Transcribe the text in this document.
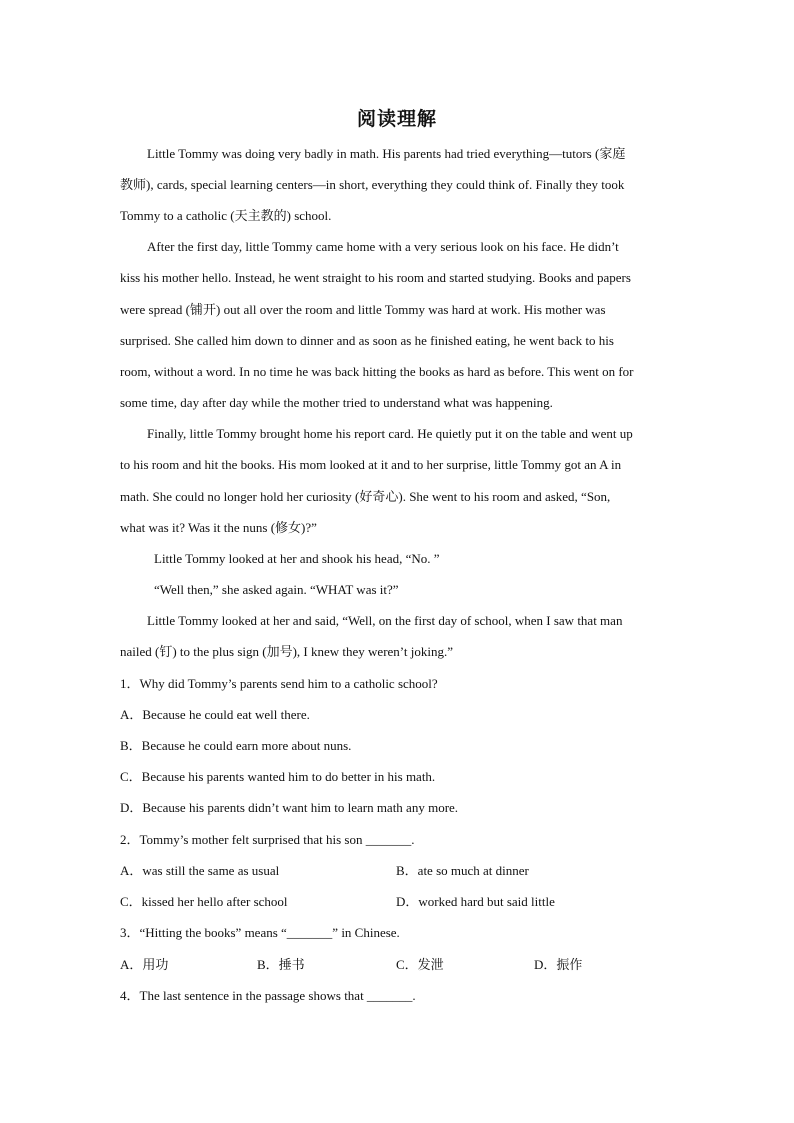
阅读理解
Little Tommy was doing very badly in math. His parents had tried everything—tutors (家庭
教师), cards, special learning centers—in short, everything they could think of. Finally they took
Tommy to a catholic (天主教的) school.
After the first day, little Tommy came home with a very serious look on his face. He didn’t
kiss his mother hello. Instead, he went straight to his room and started studying. Books and papers
were spread (铺开) out all over the room and little Tommy was hard at work. His mother was
surprised. She called him down to dinner and as soon as he finished eating, he went back to his
room, without a word. In no time he was back hitting the books as hard as before. This went on for
some time, day after day while the mother tried to understand what was happening.
Finally, little Tommy brought home his report card. He quietly put it on the table and went up
to his room and hit the books. His mom looked at it and to her surprise, little Tommy got an A in
math. She could no longer hold her curiosity (好奇心). She went to his room and asked, “Son,
what was it? Was it the nuns (修女)?”
Little Tommy looked at her and shook his head, “No. ”
“Well then,” she asked again. “WHAT was it?”
Little Tommy looked at her and said, “Well, on the first day of school, when I saw that man
nailed (钉) to the plus sign (加号), I knew they weren’t joking.”
1．Why did Tommy’s parents send him to a catholic school?
A．Because he could eat well there.
B．Because he could earn more about nuns.
C．Because his parents wanted him to do better in his math.
D．Because his parents didn’t want him to learn math any more.
2．Tommy’s mother felt surprised that his son _______.
A．was still the same as usual	B．ate so much at dinner
C．kissed her hello after school	D．worked hard but said little
3．“Hitting the books” means “_______” in Chinese.
A．用功	B．捶书	C．发泄	D．振作
4．The last sentence in the passage shows that _______.
